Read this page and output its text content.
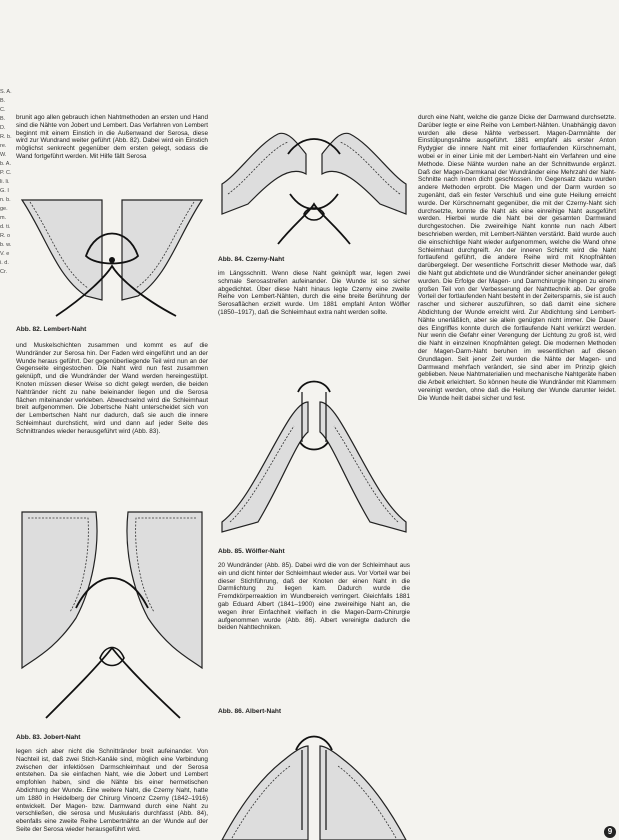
S. A. B. C. B. D. R. b. re. W. b. A. P. C. li. li. G. In. b. ge. m. d. ti. R. ob. w. V. ei. d. Cr.
brunit ago allen gebrauch ichen Nahtmethoden an ersten und Hand sind die Nähte von Jobert und Lembert. Das Verfahren von Lembert beginnt mit einem Einstich in die Außenwand der Serosa, diese wird zur Wundrand weiter geführt (Abb. 82). Dabei wird ein Einstich möglichst senkrecht gegenüber dem ersten gelegt, sodass die Wand fortgeführt werden. Mit Hilfe fällt Serosa
Abb. 82. Lembert-Naht
und Muskelschichten zusammen und kommt es auf die Wundränder zur Serosa hin. Der Faden wird eingeführt und an der Wunde heraus geführt. Der gegenüberliegende Teil wird nun an der Gegenseite eingestochen. Die Naht wird nun fest zusammen geknüpft, und die Wundränder der Wand werden hereingestülpt. Knoten müssen dieser Weise so dicht gelegt werden, die beiden Nahtränder nicht zu nahe beieinander liegen und die Serosa flächen miteinander verkleben. Abwechselnd wird die Schleimhaut breit aufgenommen. Die Jobertsche Naht unterscheidet sich von der Lembertschen Naht nur dadurch, daß sie auch die innere Schleimhaut durchsticht, wird und dann auf jeder Seite des Schnittrandes wieder herausgeführt wird (Abb. 83).
Abb. 83. Jobert-Naht
legen sich aber nicht die Schnittränder breit aufeinander. Von Nachteil ist, daß zwei Stich-Kanäle sind, möglich eine Verbindung zwischen der infektiösen Darmschleimhaut und der Serosa entstehen. Da sie einfachen Naht, wie die Jobert und Lembert empfohlen haben, sind die Nähte bis einer hermetischen Abdichtung der Wunde. Eine weitere Naht, die Czerny Naht, hatte um 1880 in Heidelberg der Chirurg Vincenz Czerny (1842–1916) entwickelt. Der Magen- bzw. Darmwand durch eine Naht zu verschließen, die serosa und Muskularis durchfasst (Abb. 84), ebenfalls eine zweite Reihe Lembertnähte an der Wunde auf der Seite der Serosa wieder herausgeführt wird.
Abb. 84. Czerny-Naht
im Längsschnitt. Wenn diese Naht geknüpft war, legen zwei schmale Serosastreifen aufeinander. Die Wunde ist so sicher abgedichtet. Über diese Naht hinaus legte Czerny eine zweite Reihe von Lembert-Nähten, durch die eine breite Berührung der Serosaflächen erzielt wurde. Um 1881 empfahl Anton Wölfler (1850–1917), daß die Schleimhaut extra naht werden sollte.
Abb. 85. Wölfler-Naht
20 Wundränder (Abb. 85). Dabei wird die von der Schleimhaut aus ein und dicht hinter der Schleimhaut wieder aus. Vor Vorteil war bei dieser Stichführung, daß der Knoten der einen Naht in die Darmlichtung zu liegen kam. Dadurch wurde die Fremdkörperreaktion im Wundbereich verringert. Gleichfalls 1881 gab Eduard Albert (1841–1900) eine zweireihige Naht an, die wegen ihrer Einfachheit vielfach in die Magen-Darm-Chirurgie aufgenommen wurde (Abb. 86). Albert vereinigte dadurch die beiden Nahttechniken.
Abb. 86. Albert-Naht
durch eine Naht, welche die ganze Dicke der Darmwand durchsetzte. Darüber legte er eine Reihe von Lembert-Nähten. Unabhängig davon wurden alle diese Nähte verbessert. Magen-Darmnähte der Einstülpungsnähte ausgeführt. 1881 empfahl als erster Anton Rydygier die innere Naht mit einer fortlaufenden Kürschnernaht, wobei er in einer Linie mit der Lembert-Naht ein Verfahren und eine Methode. Diese Nähte wurden nahe an der Schnittwunde ergänzt. Daß der Magen-Darmkanal der Wundränder eine Mehrzahl der Naht-Schnitte nach innen dicht geschlossen. Im Gegensatz dazu wurden andere Methoden erprobt. Die Magen und der Darm wurden so zugenäht, daß ein fester Verschluß und eine gute Heilung erreicht wurde. Der Kürschnernaht gegenüber, die mit der Czerny-Naht sich durchsetzte, konnte die Naht als eine einreihige Naht ausgeführt werden. Hierbei wurde die Naht bei der gesamten Darmwand durchgestochen. Die zweireihige Naht konnte nun nach Albert beschrieben werden, mit Lembert-Nähten verstärkt. Bald wurde auch die einschichtige Naht wieder aufgenommen, welche die Wand ohne Schleimhaut durchgreift. An der inneren Schicht wird die Naht fortlaufend geführt, die andere Reihe wird mit Knopfnähten darübergelegt. Der wesentliche Fortschritt dieser Methode war, daß die Naht gut abdichtete und die Wundränder sicher aneinander gelegt wurden. Die Erfolge der Magen- und Darmchirurgie hingen zu einem großen Teil von der Verbesserung der Nahttechnik ab. Der große Vorteil der fortlaufenden Naht besteht in der Zeitersparnis, sie ist auch rascher und sicherer auszuführen, so daß damit eine sichere Abdichtung der Wunde erreicht wird. Zur Abdichtung sind Lembert-Nähte unerläßlich, aber sie allein genügten nicht immer. Die Dauer des Eingriffes konnte durch die fortlaufende Naht verkürzt werden. Nur wenn die Gefahr einer Verengung der Lichtung zu groß ist, wird die Naht in einzelnen Knopfnähten gelegt. Die modernen Methoden der Magen-Darm-Naht beruhen im wesentlichen auf diesen Grundlagen. Seit jener Zeit wurden die Nähte der Magen- und Darmwand mehrfach verändert, sie sind aber im Prinzip gleich geblieben. Neue Nahtmaterialien und mechanische Nahtgeräte haben die Arbeit erleichtert. So können heute die Wundränder mit Klammern vereinigt werden, ohne daß die Heilung der Wunde darunter leidet. Die Wunde heilt dabei sicher und fest.
9
